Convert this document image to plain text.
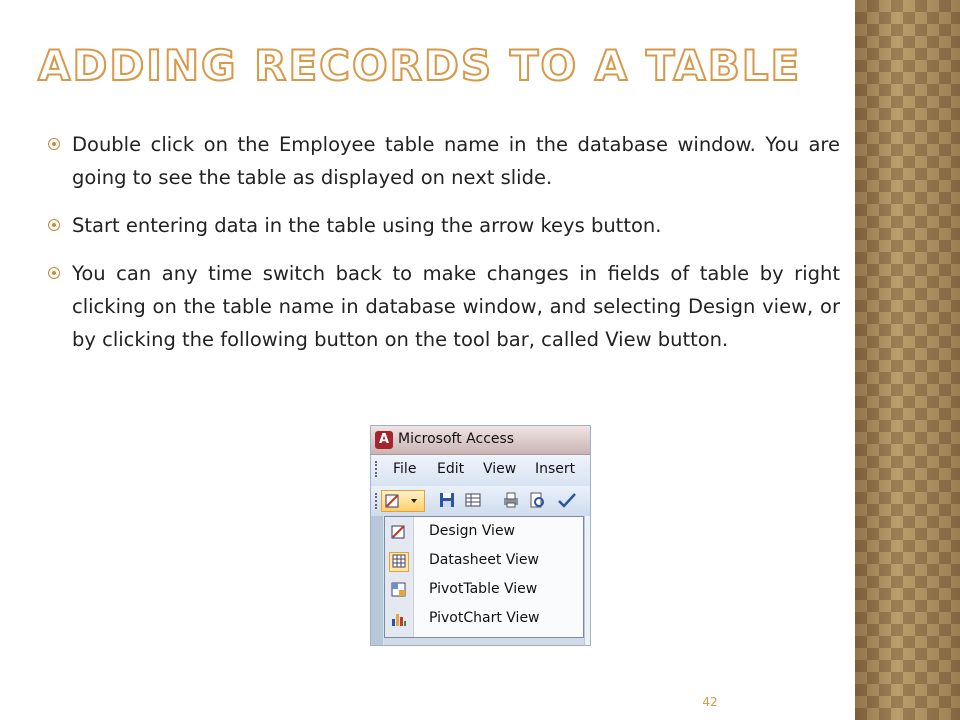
ADDING RECORDS TO A TABLE
Double click on the Employee table name in the database window. You are going to see the table as displayed on next slide.
Start entering data in the table using the arrow keys button.
You can any time switch back to make changes in fields of table by right clicking on the table name in database window, and selecting Design view, or by clicking the following button on the tool bar, called View button.
A Microsoft Access
File Edit View Insert
Design View
Datasheet View
PivotTable View
PivotChart View
42
